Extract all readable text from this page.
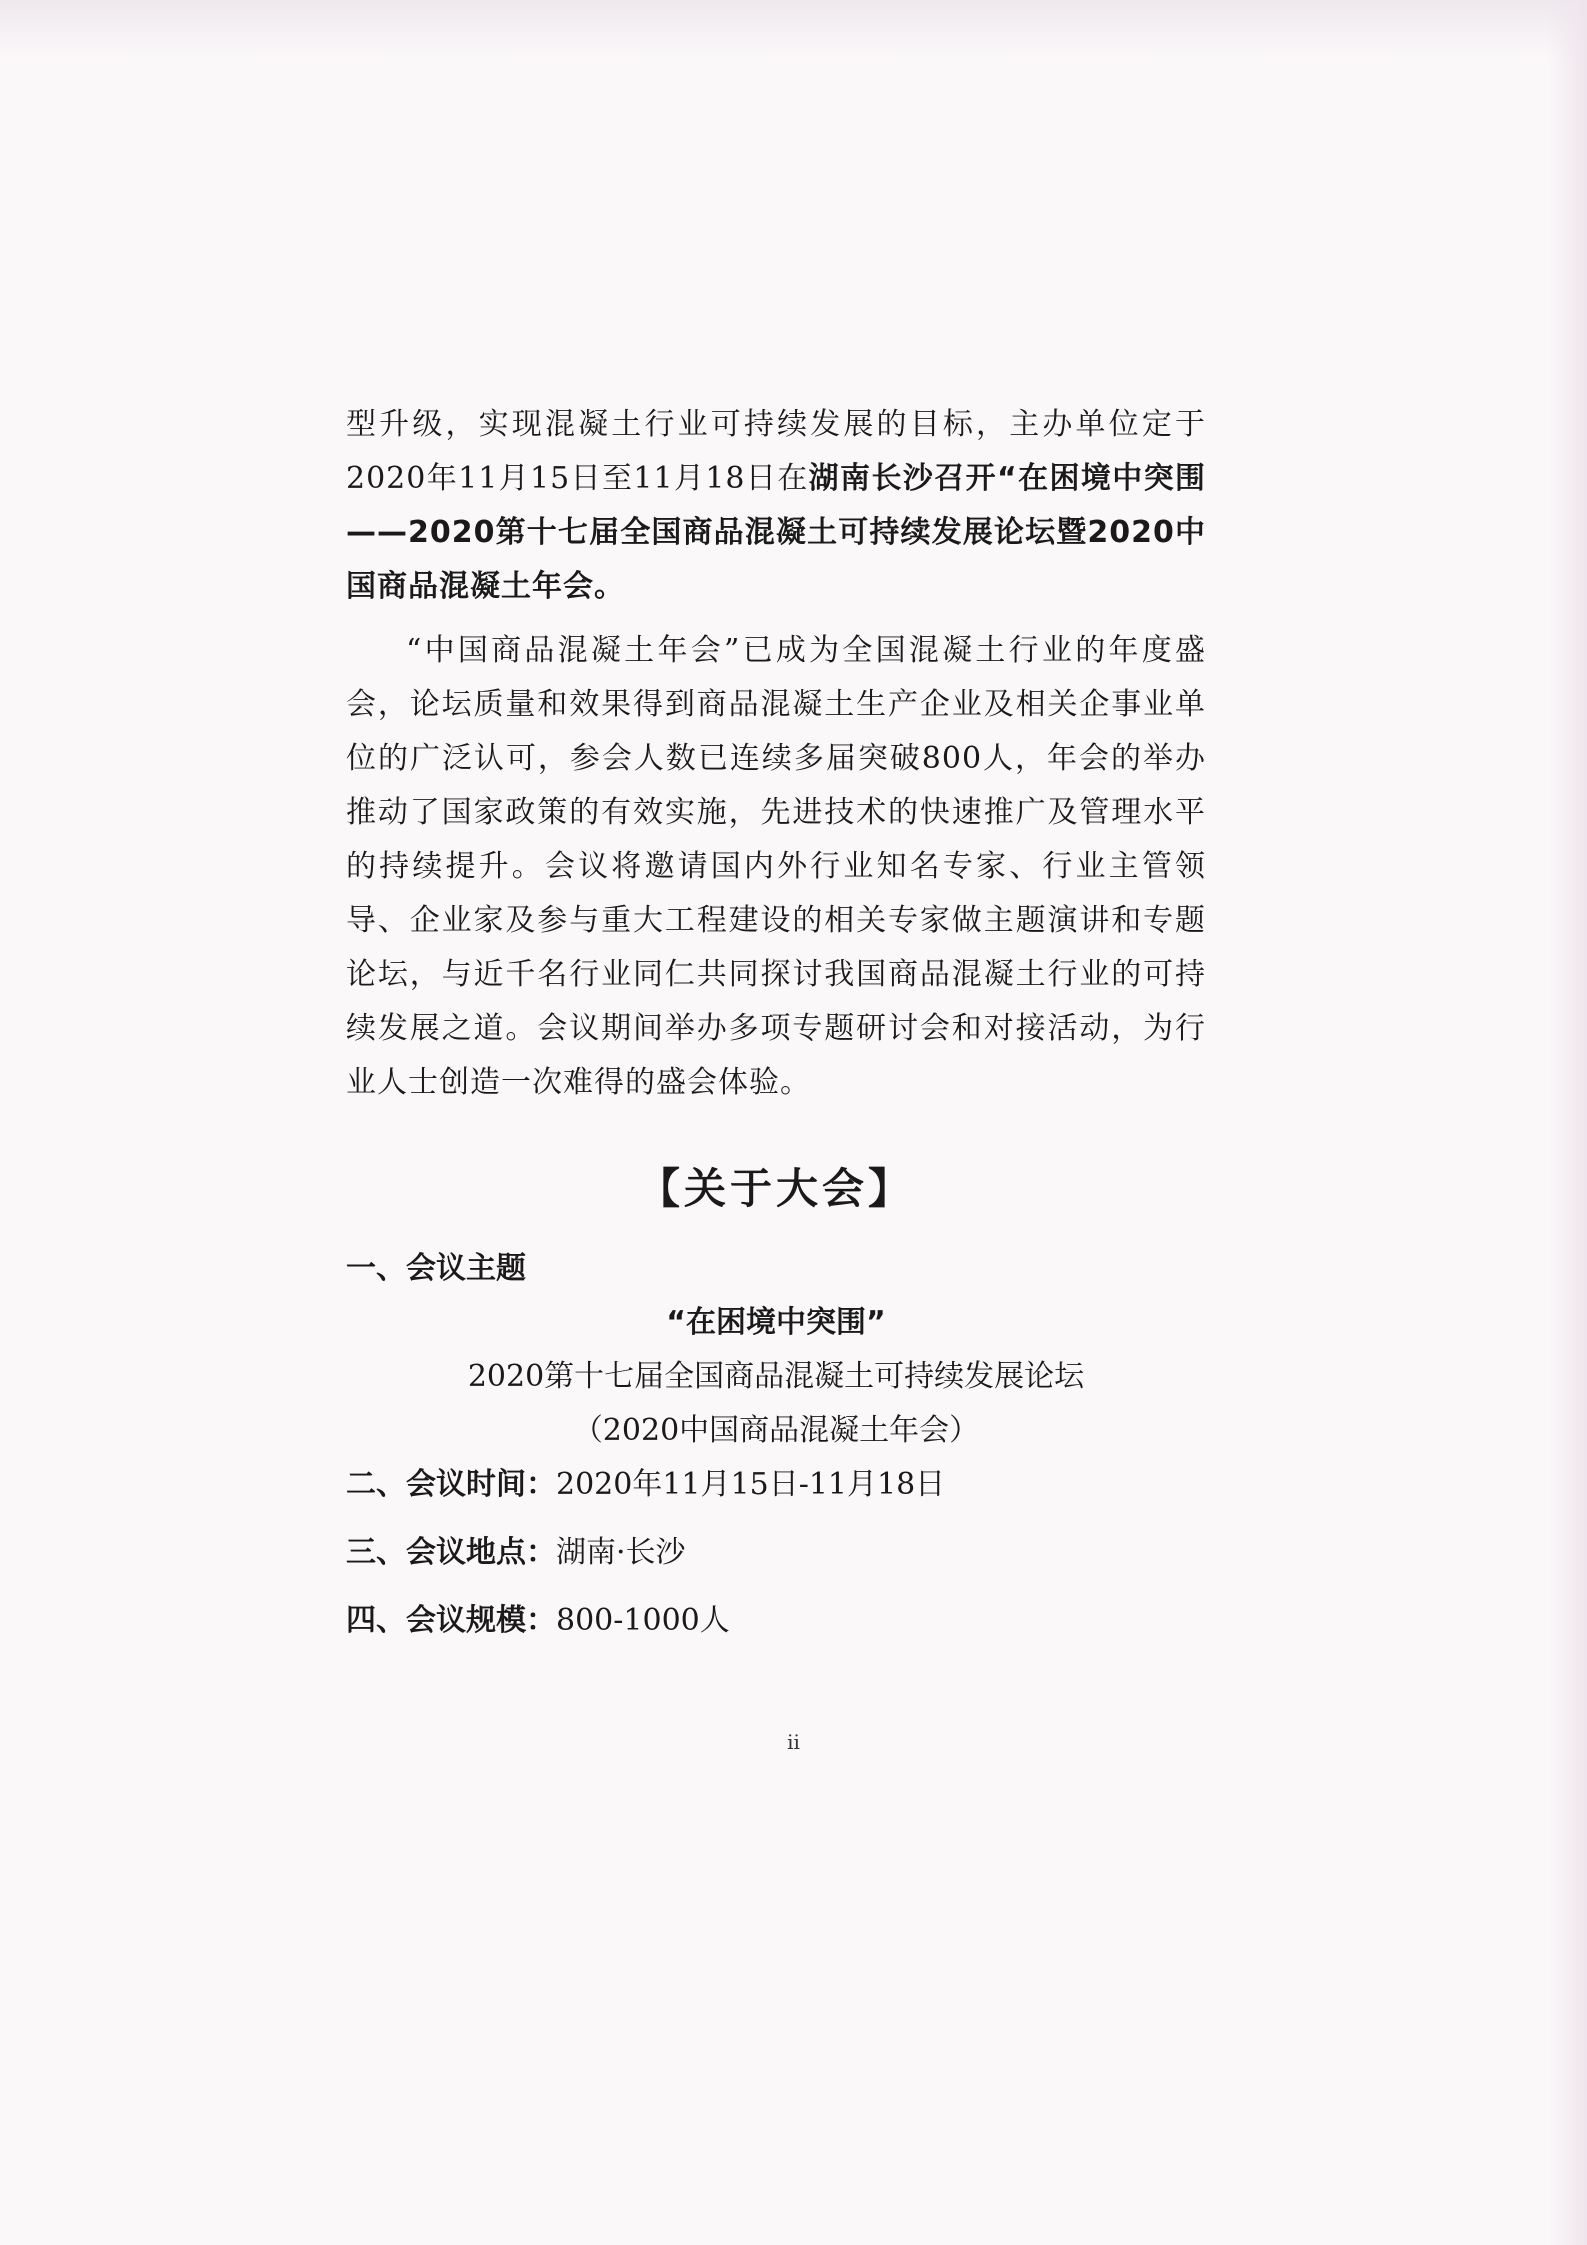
型升级，实现混凝土行业可持续发展的目标，主办单位定于2020年11月15日至11月18日在湖南长沙召开“在困境中突围——2020第十七届全国商品混凝土可持续发展论坛暨2020中国商品混凝土年会。

“中国商品混凝土年会”已成为全国混凝土行业的年度盛会，论坛质量和效果得到商品混凝土生产企业及相关企事业单位的广泛认可，参会人数已连续多届突破800人，年会的举办推动了国家政策的有效实施，先进技术的快速推广及管理水平的持续提升。会议将邀请国内外行业知名专家、行业主管领导、企业家及参与重大工程建设的相关专家做主题演讲和专题论坛，与近千名行业同仁共同探讨我国商品混凝土行业的可持续发展之道。会议期间举办多项专题研讨会和对接活动，为行业人士创造一次难得的盛会体验。

【关于大会】

一、会议主题

“在困境中突围”

2020第十七届全国商品混凝土可持续发展论坛

（2020中国商品混凝土年会）

二、会议时间：2020年11月15日-11月18日

三、会议地点：湖南·长沙

四、会议规模：800-1000人

ii
